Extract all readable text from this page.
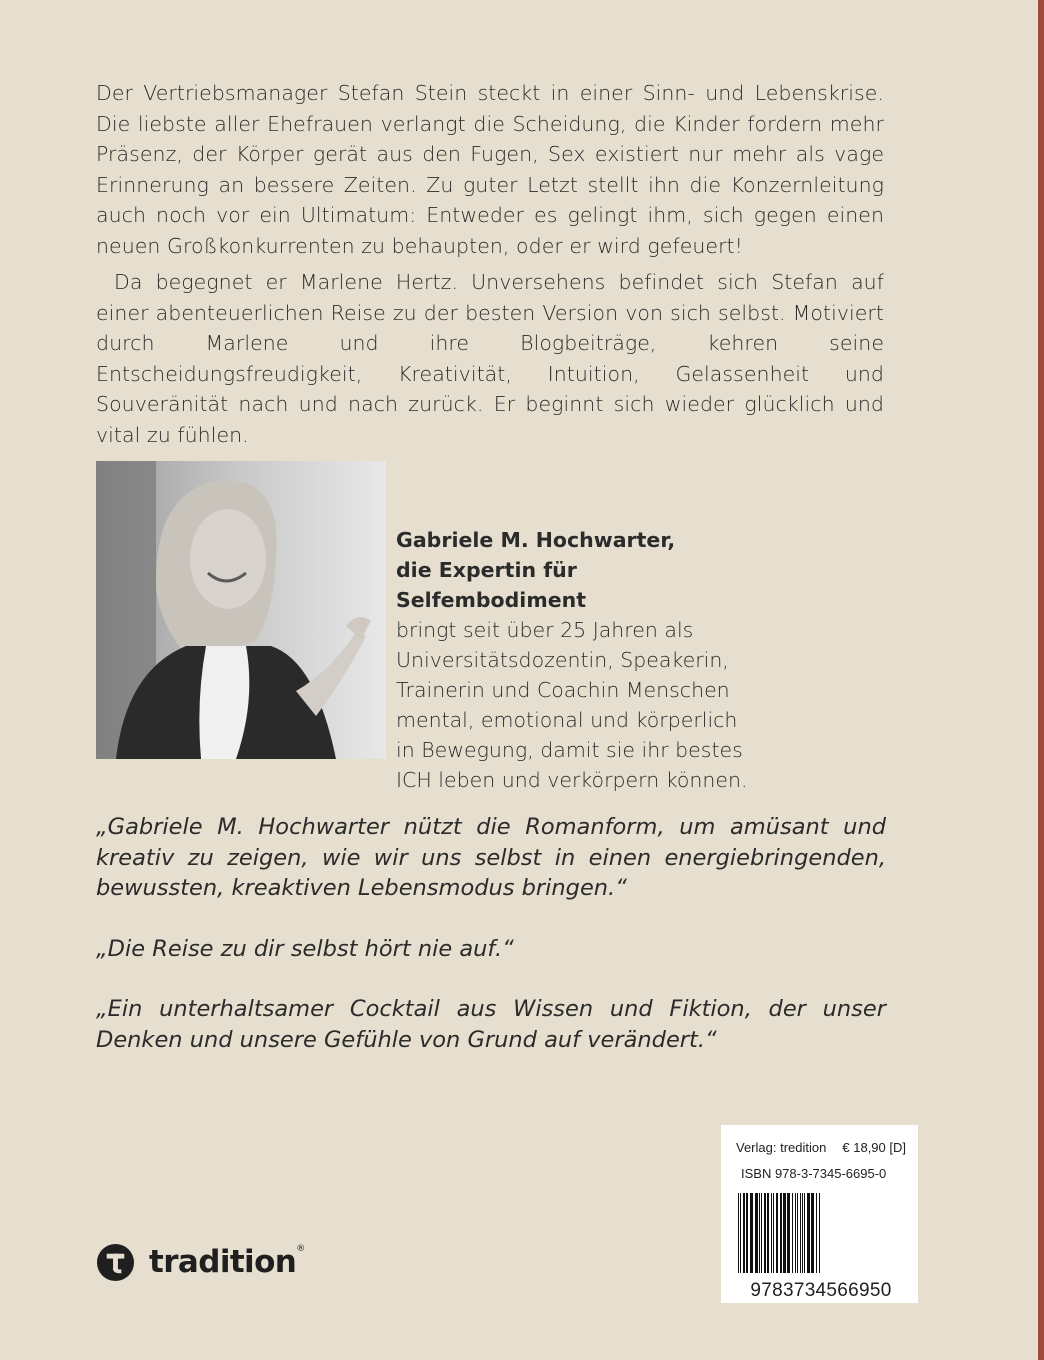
Der Vertriebsmanager Stefan Stein steckt in einer Sinn- und Lebenskrise. Die liebste aller Ehefrauen verlangt die Scheidung, die Kinder fordern mehr Präsenz, der Körper gerät aus den Fugen, Sex existiert nur mehr als vage Erinnerung an bessere Zeiten. Zu guter Letzt stellt ihn die Konzernleitung auch noch vor ein Ultimatum: Entweder es gelingt ihm, sich gegen einen neuen Großkonkurrenten zu behaupten, oder er wird gefeuert!

Da begegnet er Marlene Hertz. Unversehens befindet sich Stefan auf einer abenteuerlichen Reise zu der besten Version von sich selbst. Motiviert durch Marlene und ihre Blogbeiträge, kehren seine Entscheidungsfreudigkeit, Kreativität, Intuition, Gelassenheit und Souveränität nach und nach zurück. Er beginnt sich wieder glücklich und vital zu fühlen.

Gabriele M. Hochwarter,
die Expertin für Selfembodiment
bringt seit über 25 Jahren als Universitätsdozentin, Speakerin, Trainerin und Coachin Menschen mental, emotional und körperlich in Bewegung, damit sie ihr bestes ICH leben und verkörpern können.

„Gabriele M. Hochwarter nützt die Romanform, um amüsant und kreativ zu zeigen, wie wir uns selbst in einen energiebringenden, bewussten, kreaktiven Lebensmodus bringen.“

„Die Reise zu dir selbst hört nie auf.“

„Ein unterhaltsamer Cocktail aus Wissen und Fiktion, der unser Denken und unsere Gefühle von Grund auf verändert.“

tradition®
Verlag: tredition € 18,90 [D]
ISBN 978-3-7345-6695-0
9783734566950
